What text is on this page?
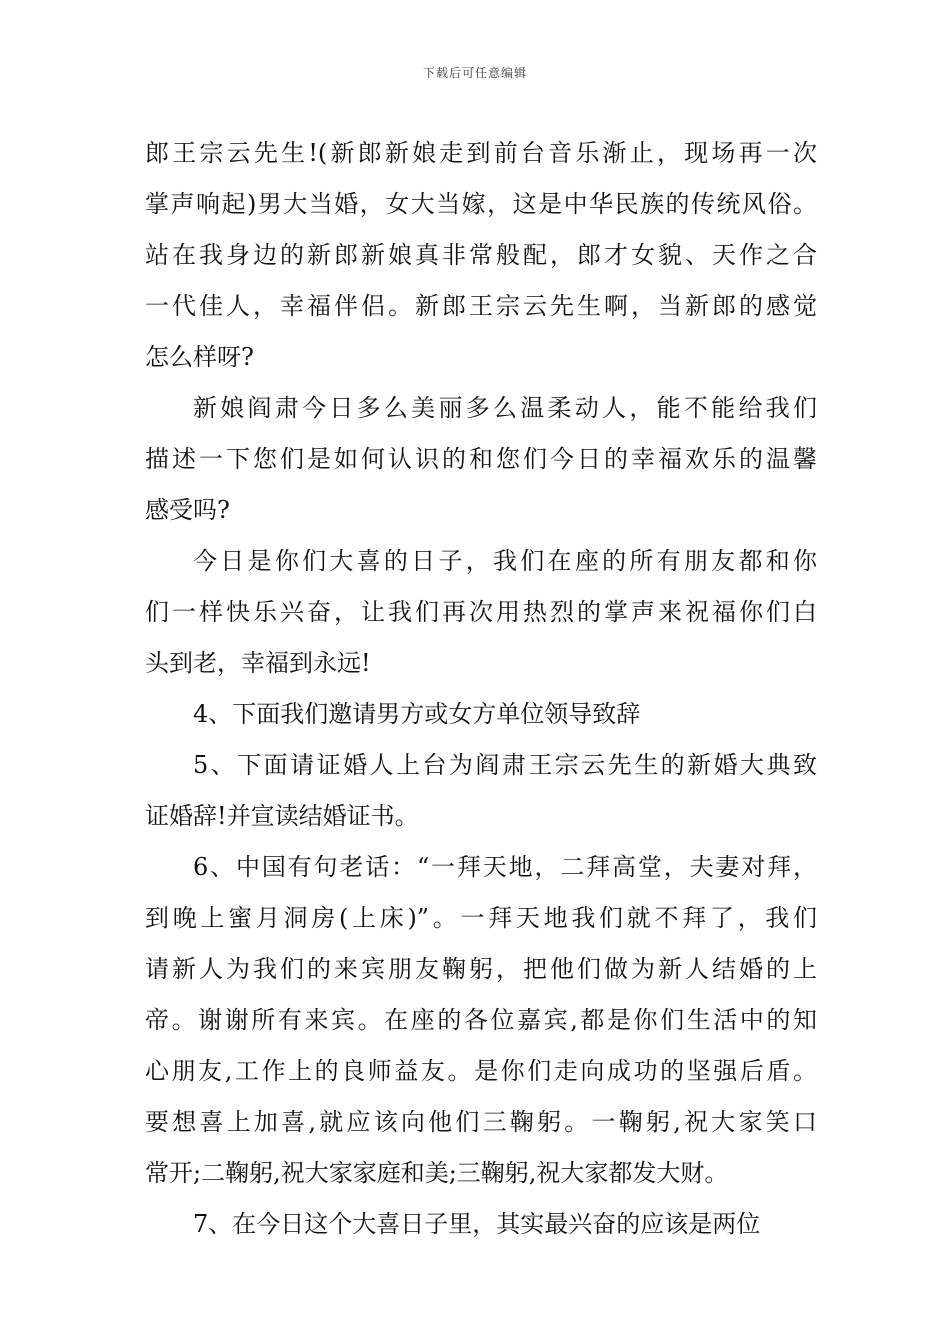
下载后可任意编辑
郎王宗云先生!(新郎新娘走到前台音乐渐止，现场再一次
掌声响起)男大当婚，女大当嫁，这是中华民族的传统风俗。
站在我身边的新郎新娘真非常般配，郎才女貌、天作之合
一代佳人，幸福伴侣。新郎王宗云先生啊，当新郎的感觉
怎么样呀?
新娘阎肃今日多么美丽多么温柔动人，能不能给我们
描述一下您们是如何认识的和您们今日的幸福欢乐的温馨
感受吗?
今日是你们大喜的日子，我们在座的所有朋友都和你
们一样快乐兴奋，让我们再次用热烈的掌声来祝福你们白
头到老，幸福到永远!
4、下面我们邀请男方或女方单位领导致辞
5、下面请证婚人上台为阎肃王宗云先生的新婚大典致
证婚辞!并宣读结婚证书。
6、中国有句老话：“一拜天地，二拜高堂，夫妻对拜，
到晚上蜜月洞房(上床)”。一拜天地我们就不拜了，我们
请新人为我们的来宾朋友鞠躬，把他们做为新人结婚的上
帝。谢谢所有来宾。在座的各位嘉宾,都是你们生活中的知
心朋友,工作上的良师益友。是你们走向成功的坚强后盾。
要想喜上加喜,就应该向他们三鞠躬。一鞠躬,祝大家笑口
常开;二鞠躬,祝大家家庭和美;三鞠躬,祝大家都发大财。
7、在今日这个大喜日子里，其实最兴奋的应该是两位
